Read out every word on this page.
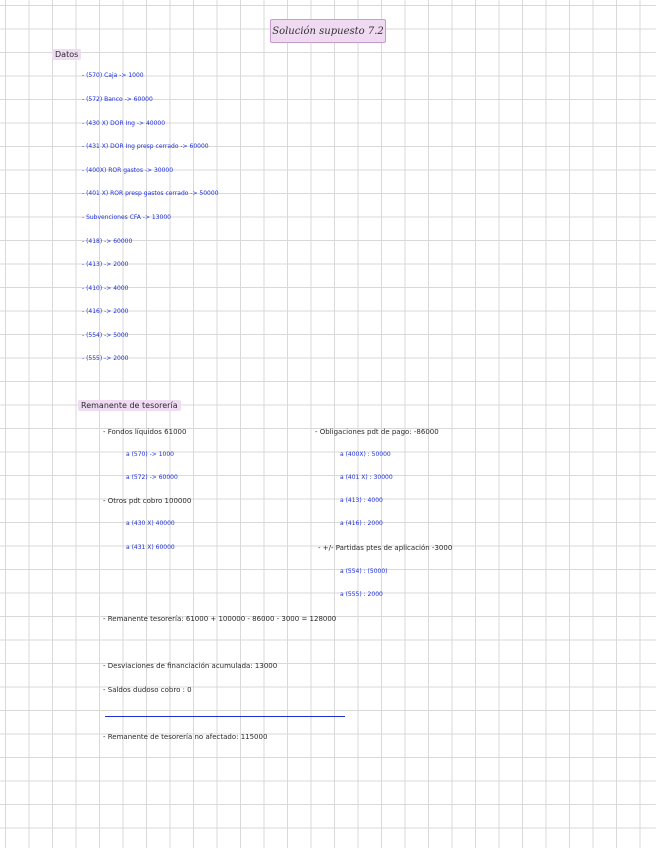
Solución supuesto 7.2
Datos
- (570) Caja -> 1000
- (572) Banco -> 60000
- (430 X) DOR Ing -> 40000
- (431 X) DOR Ing presp cerrado -> 60000
- (400X) ROR gastos -> 30000
- (401 X) ROR presp gastos cerrado -> 50000
- Subvenciones CFA -> 13000
- (418) -> 60000
- (413) -> 2000
- (410) -> 4000
- (416) -> 2000
- (554) -> 5000
- (555) -> 2000
Remanente de tesorería
- Fondos líquidos 61000
a (570) -> 1000
a (572) -> 60000
- Otros pdt cobro 100000
a (430 X) 40000
a (431 X) 60000
- Obligaciones pdt de pago: -86000
a (400X) : 50000
a (401 X) : 30000
a (413) : 4000
a (416) : 2000
- +/- Partidas ptes de aplicación -3000
a (554) : (5000)
a (555) : 2000
- Remanente tesorería: 61000 + 100000 - 86000 - 3000 = 128000
- Desviaciones de financiación acumulada: 13000
- Saldos dudoso cobro : 0
- Remanente de tesorería no afectado: 115000
